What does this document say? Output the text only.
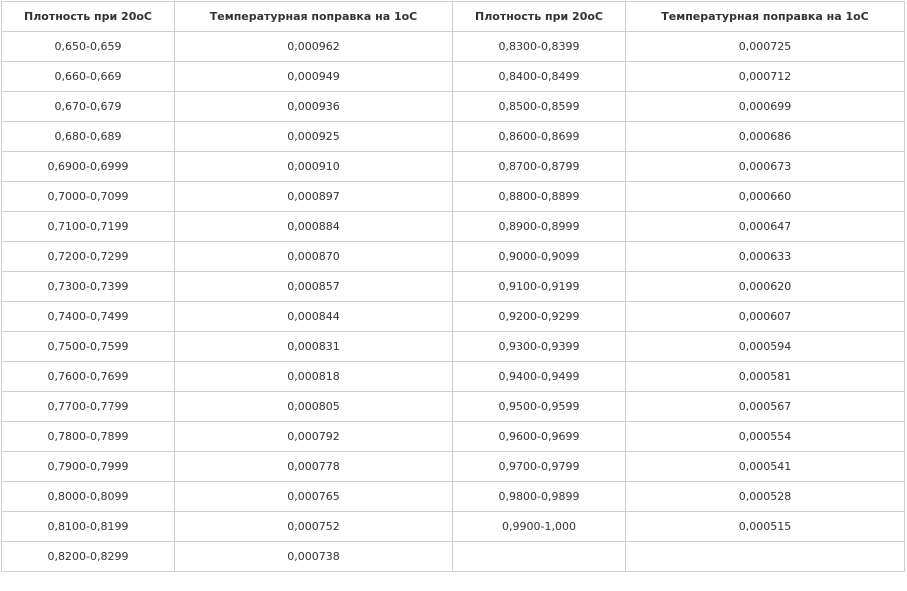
Плотность при 20оС	Температурная поправка на 1оС	Плотность при 20оС	Температурная поправка на 1оС
0,650-0,659	0,000962	0,8300-0,8399	0,000725
0,660-0,669	0,000949	0,8400-0,8499	0,000712
0,670-0,679	0,000936	0,8500-0,8599	0,000699
0,680-0,689	0,000925	0,8600-0,8699	0,000686
0,6900-0,6999	0,000910	0,8700-0,8799	0,000673
0,7000-0,7099	0,000897	0,8800-0,8899	0,000660
0,7100-0,7199	0,000884	0,8900-0,8999	0,000647
0,7200-0,7299	0,000870	0,9000-0,9099	0,000633
0,7300-0,7399	0,000857	0,9100-0,9199	0,000620
0,7400-0,7499	0,000844	0,9200-0,9299	0,000607
0,7500-0,7599	0,000831	0,9300-0,9399	0,000594
0,7600-0,7699	0,000818	0,9400-0,9499	0,000581
0,7700-0,7799	0,000805	0,9500-0,9599	0,000567
0,7800-0,7899	0,000792	0,9600-0,9699	0,000554
0,7900-0,7999	0,000778	0,9700-0,9799	0,000541
0,8000-0,8099	0,000765	0,9800-0,9899	0,000528
0,8100-0,8199	0,000752	0,9900-1,000	0,000515
0,8200-0,8299	0,000738		
